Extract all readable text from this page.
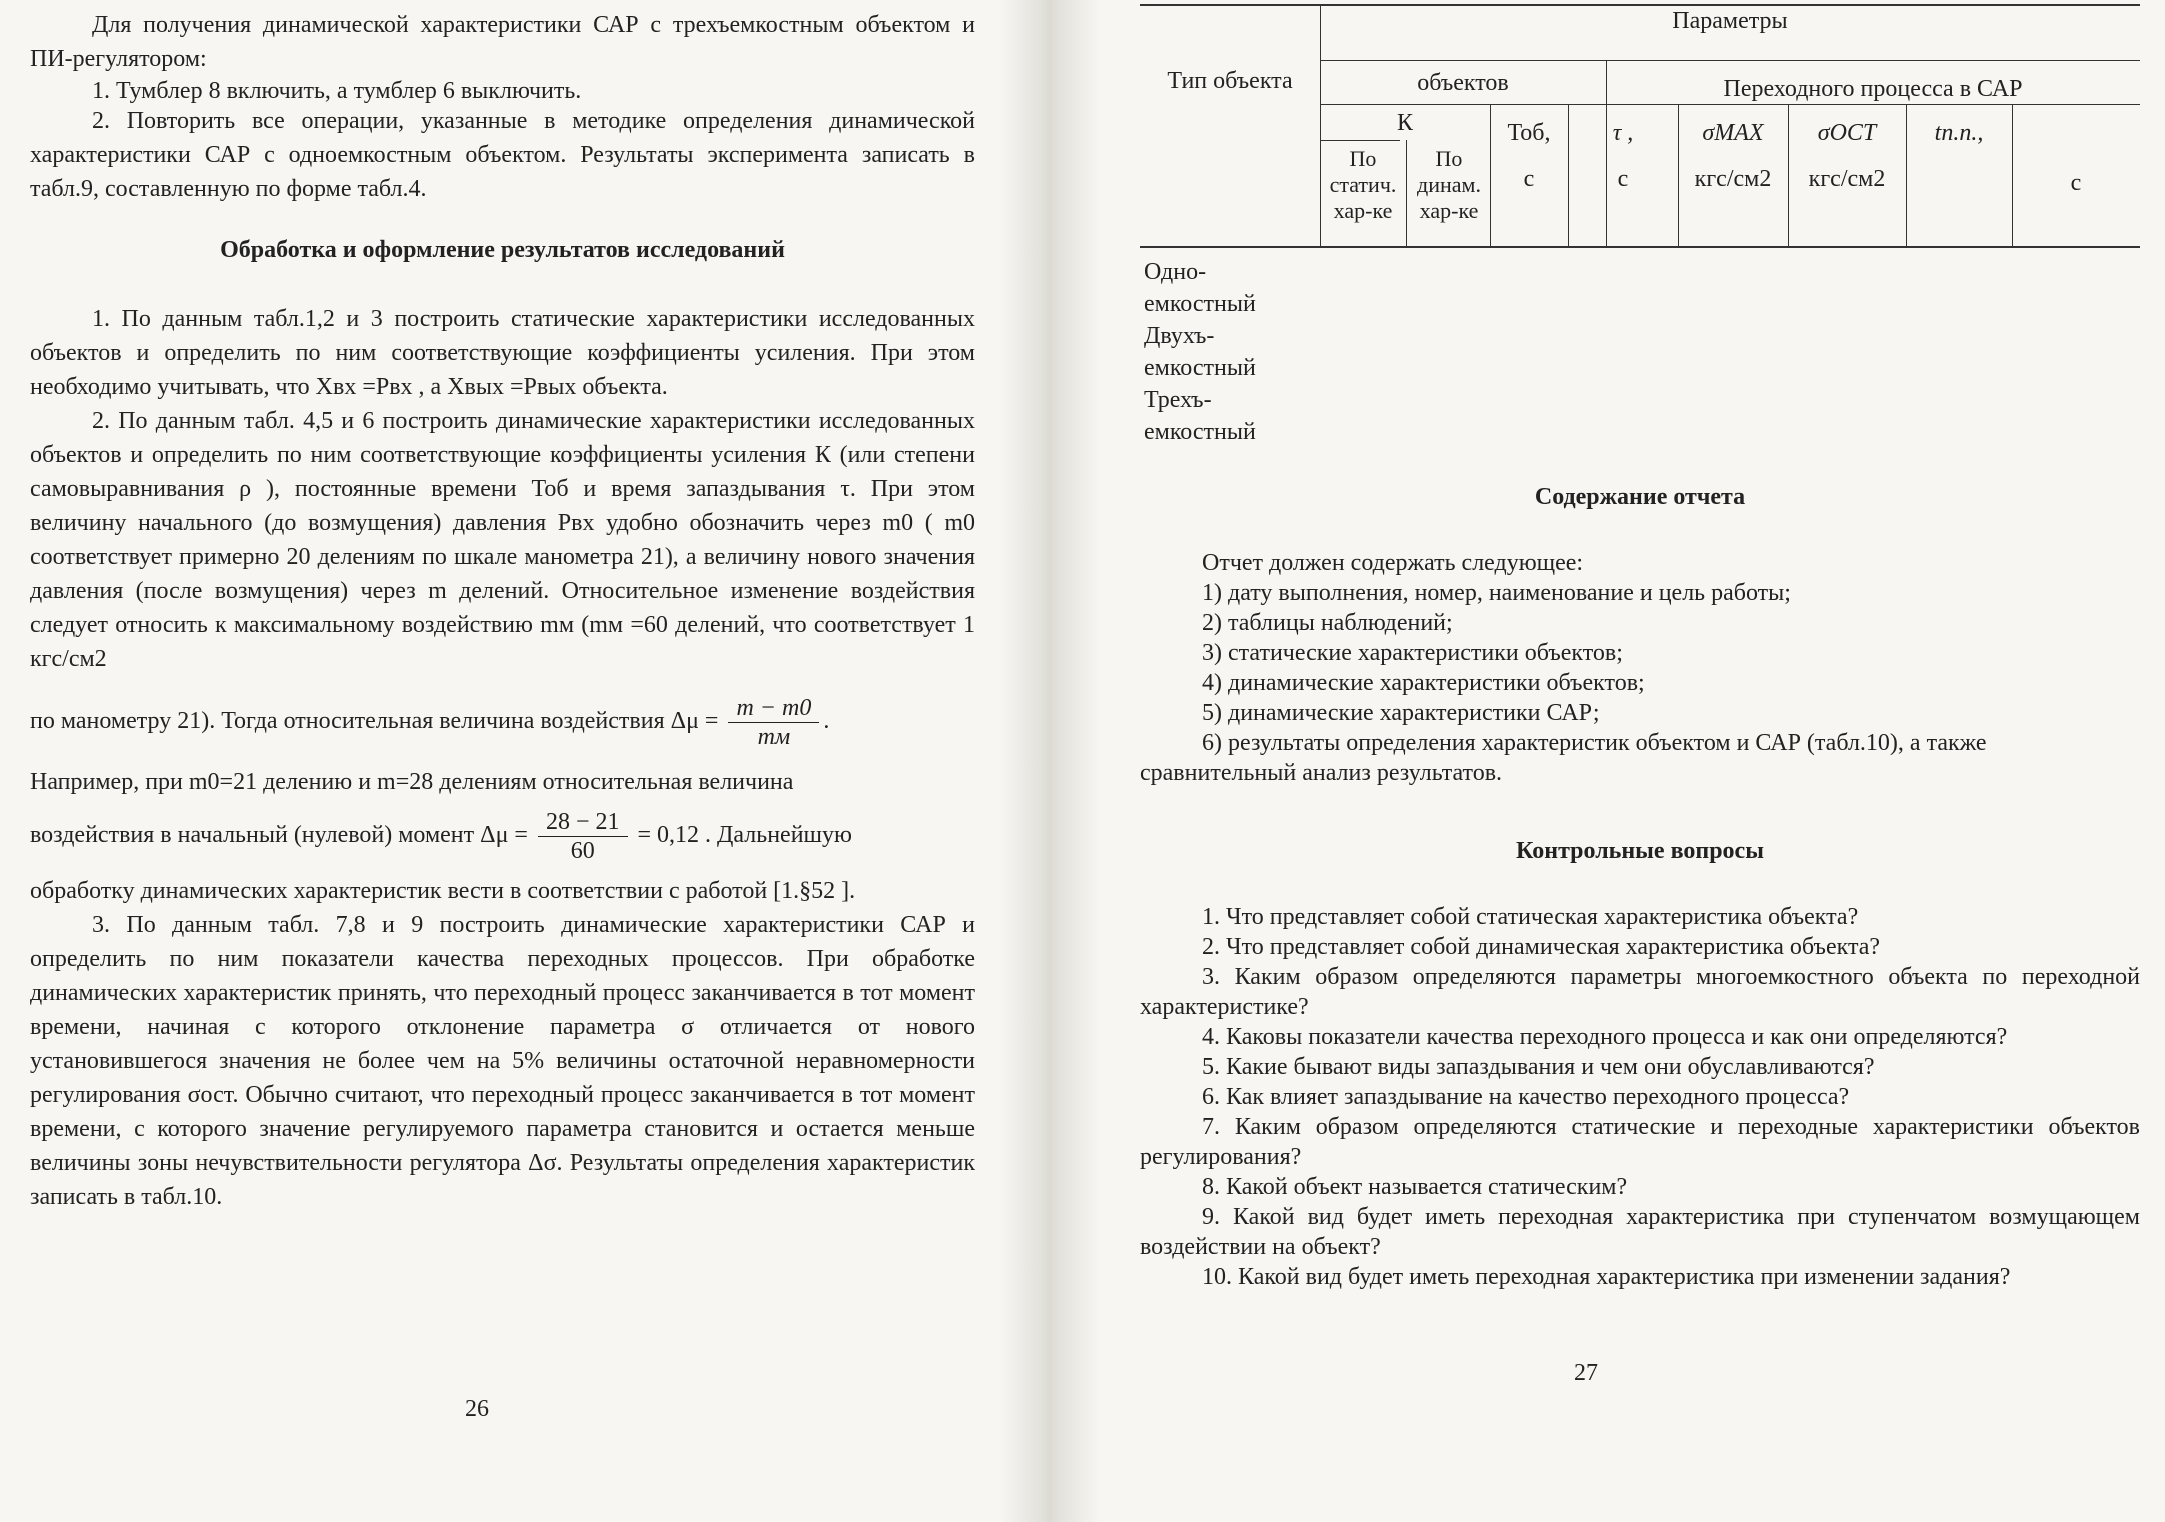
Для получения динамической характеристики САР с трехъемкостным объектом и ПИ-регулятором:

1. Тумблер 8 включить, а тумблер 6 выключить.

2. Повторить все операции, указанные в методике определения динамической характеристики САР с одноемкостным объектом. Результаты эксперимента записать в табл.9, составленную по форме табл.4.

Обработка и оформление результатов исследований

1. По данным табл.1,2 и 3 построить статические характеристики исследованных объектов и определить по ним соответствующие коэффициенты усиления. При этом необходимо учитывать, что Xвх =Pвх , а Xвых =Pвых объекта.

2. По данным табл. 4,5 и 6 построить динамические характеристики исследованных объектов и определить по ним соответствующие коэффициенты усиления К (или степени самовыравнивания ρ ), постоянные времени Тоб и время запаздывания τ. При этом величину начального (до возмущения) давления Pвх удобно обозначить через m0 ( m0 соответствует примерно 20 делениям по шкале манометра 21), а величину нового значения давления (после возмущения) через m делений. Относительное изменение воздействия следует относить к максимальному воздействию mм (mм =60 делений, что соответствует 1 кгс/см2

по манометру 21). Тогда относительная величина воздействия $\Delta\mu = \frac{m - m0}{mм}$ .

Например, при m0=21 делению и m=28 делениям относительная величина

воздействия в начальный (нулевой) момент $\Delta\mu = \frac{28 - 21}{60} = 0,12$ . Дальнейшую

обработку динамических характеристик вести в соответствии с работой [1.§52 ].

3. По данным табл. 7,8 и 9 построить динамические характеристики САР и определить по ним показатели качества переходных процессов. При обработке динамических характеристик принять, что переходный процесс заканчивается в тот момент времени, начиная с которого отклонение параметра σ отличается от нового установившегося значения не более чем на 5% величины остаточной неравномерности регулирования σост. Обычно считают, что переходный процесс заканчивается в тот момент времени, с которого значение регулируемого параметра становится и остается меньше величины зоны нечувствительности регулятора Δσ. Результаты определения характеристик записать в табл.10.

26
Тип объекта
Параметры
объектов	Переходного процесса в САР
К
По статич. хар-ке
По динам. хар-ке
Тоб,
с
τ ,
с
σMAX
кгс/см2
σОСТ
кгс/см2
tп.п.,
с
Одно-
емкостный
Двухъ-
емкостный
Трехъ-
емкостный
Содержание отчета
Отчет должен содержать следующее:
1) дату выполнения, номер, наименование и цель работы;
2) таблицы наблюдений;
3) статические характеристики объектов;
4) динамические характеристики объектов;
5) динамические характеристики САР;
6) результаты определения характеристик объектом и САР (табл.10), а также сравнительный анализ результатов.
Контрольные вопросы
1. Что представляет собой статическая характеристика объекта?
2. Что представляет собой динамическая характеристика объекта?
3. Каким образом определяются параметры многоемкостного объекта по переходной характеристике?
4. Каковы показатели качества переходного процесса и как они определяются?
5. Какие бывают виды запаздывания и чем они обуславливаются?
6. Как влияет запаздывание на качество переходного процесса?
7. Каким образом определяются статические и переходные характеристики объектов регулирования?
8. Какой объект называется статическим?
9. Какой вид будет иметь переходная характеристика при ступенчатом возмущающем воздействии на объект?
10. Какой вид будет иметь переходная характеристика при изменении задания?
27
